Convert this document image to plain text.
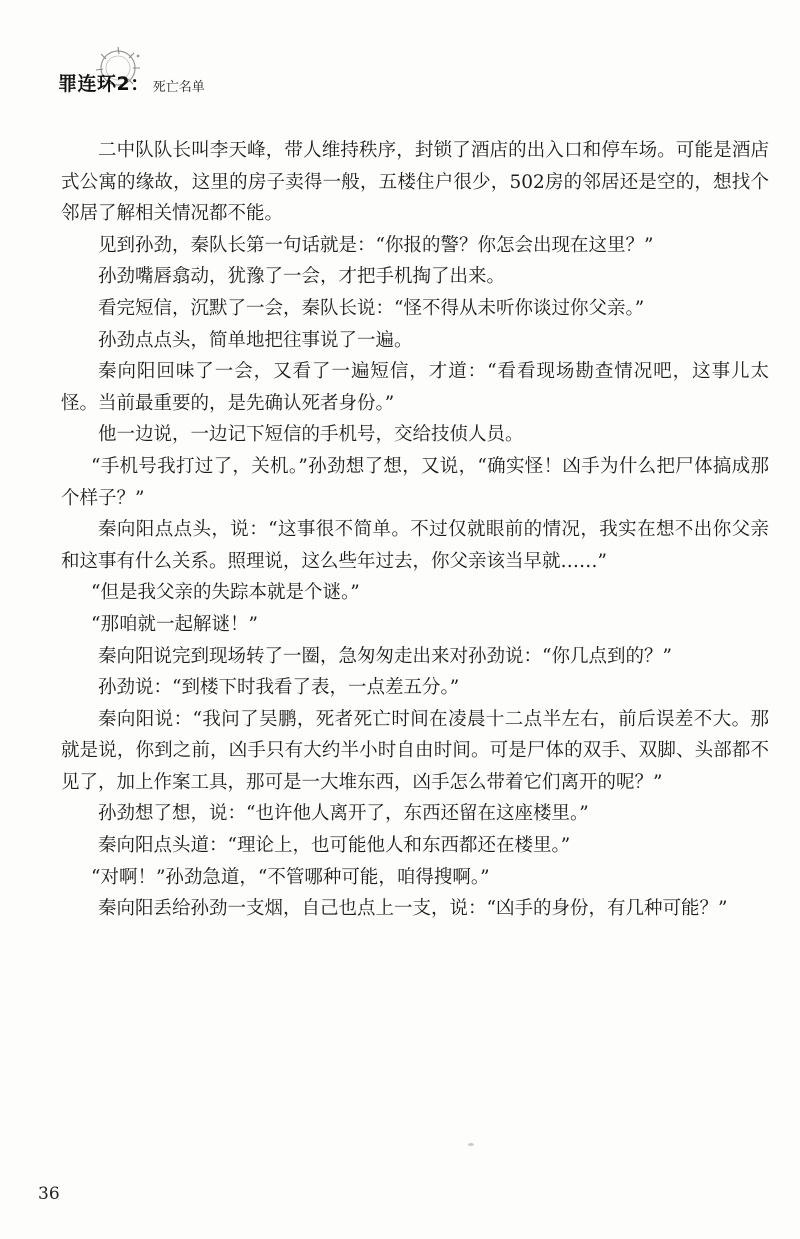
罪连环2： 死亡名单

二中队队长叫李天峰，带人维持秩序，封锁了酒店的出入口和停车场。可能是酒店式公寓的缘故，这里的房子卖得一般，五楼住户很少，502房的邻居还是空的，想找个邻居了解相关情况都不能。

见到孙劲，秦队长第一句话就是：“你报的警？你怎会出现在这里？”

孙劲嘴唇翕动，犹豫了一会，才把手机掏了出来。

看完短信，沉默了一会，秦队长说：“怪不得从未听你谈过你父亲。”

孙劲点点头，简单地把往事说了一遍。

秦向阳回味了一会，又看了一遍短信，才道：“看看现场勘查情况吧，这事儿太怪。当前最重要的，是先确认死者身份。”

他一边说，一边记下短信的手机号，交给技侦人员。

“手机号我打过了，关机。”孙劲想了想，又说，“确实怪！凶手为什么把尸体搞成那个样子？”

秦向阳点点头，说：“这事很不简单。不过仅就眼前的情况，我实在想不出你父亲和这事有什么关系。照理说，这么些年过去，你父亲该当早就……”

“但是我父亲的失踪本就是个谜。”

“那咱就一起解谜！”

秦向阳说完到现场转了一圈，急匆匆走出来对孙劲说：“你几点到的？”

孙劲说：“到楼下时我看了表，一点差五分。”

秦向阳说：“我问了吴鹏，死者死亡时间在凌晨十二点半左右，前后误差不大。那就是说，你到之前，凶手只有大约半小时自由时间。可是尸体的双手、双脚、头部都不见了，加上作案工具，那可是一大堆东西，凶手怎么带着它们离开的呢？”

孙劲想了想，说：“也许他人离开了，东西还留在这座楼里。”

秦向阳点头道：“理论上，也可能他人和东西都还在楼里。”

“对啊！”孙劲急道，“不管哪种可能，咱得搜啊。”

秦向阳丢给孙劲一支烟，自己也点上一支，说：“凶手的身份，有几种可能？”

36
